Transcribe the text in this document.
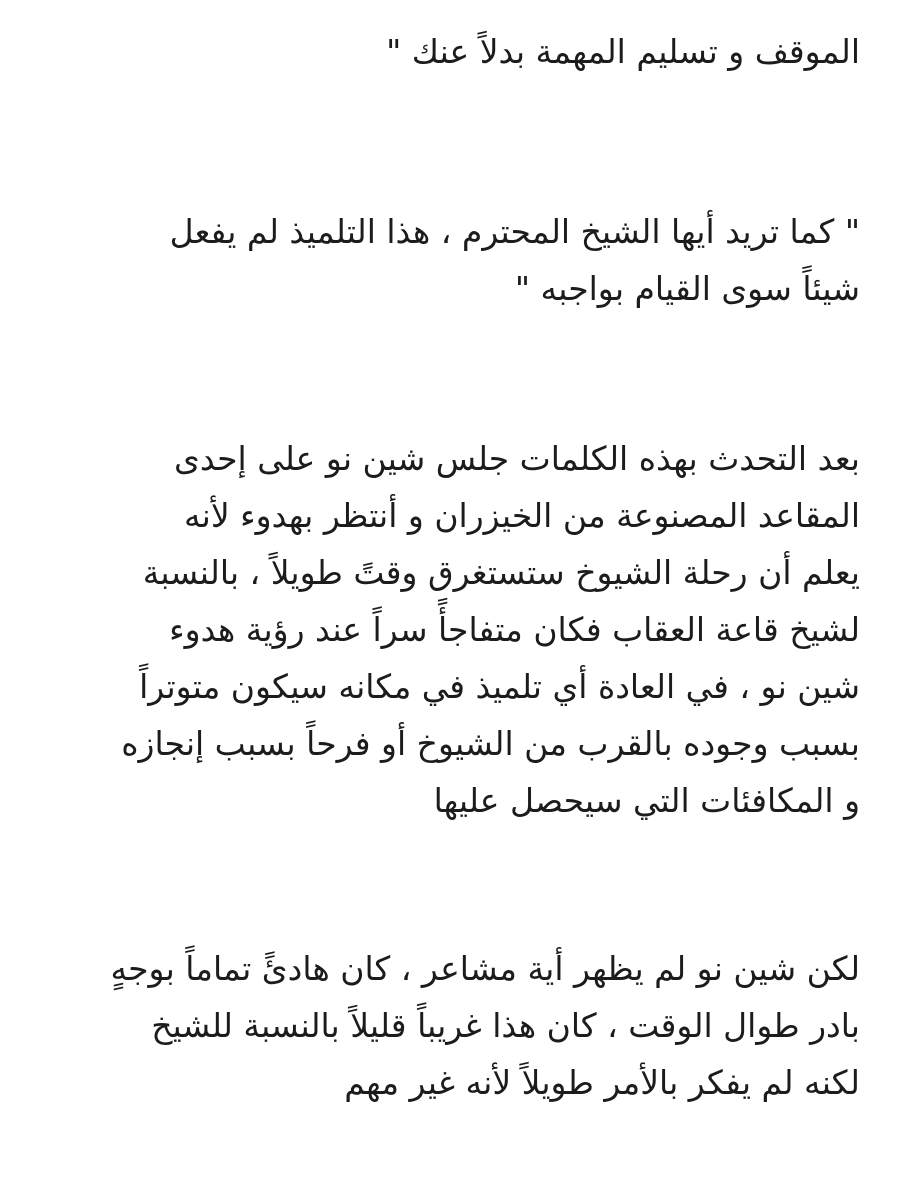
الموقف و تسليم المهمة بدلاً عنك "
" كما تريد أيها الشيخ المحترم ، هذا التلميذ لم يفعل
شيئاً سوى القيام بواجبه "
بعد التحدث بهذه الكلمات جلس شين نو على إحدى
المقاعد المصنوعة من الخيزران و أنتظر بهدوء لأنه
يعلم أن رحلة الشيوخ ستستغرق وقتً طويلاً ، بالنسبة
لشيخ قاعة العقاب فكان متفاجأً سراً عند رؤية هدوء
شين نو ، في العادة أي تلميذ في مكانه سيكون متوتراً
بسبب وجوده بالقرب من الشيوخ أو فرحاً بسبب إنجازه
و المكافئات التي سيحصل عليها
لكن شين نو لم يظهر أية مشاعر ، كان هادئً تماماً بوجهٍ
بادر طوال الوقت ، كان هذا غريباً قليلاً بالنسبة للشيخ
لكنه لم يفكر بالأمر طويلاً لأنه غير مهم
